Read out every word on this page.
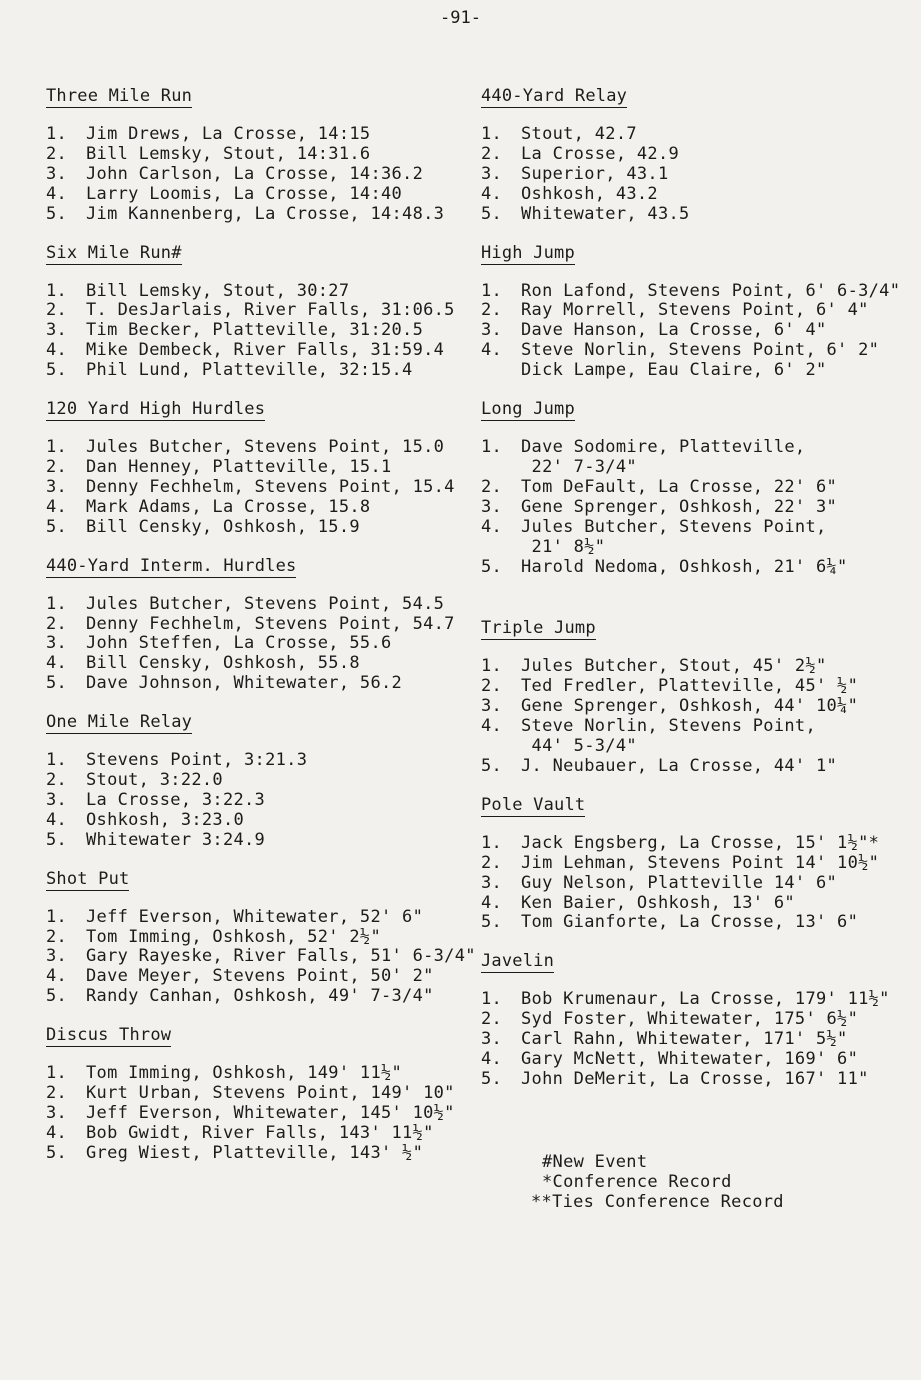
-91-
Three Mile Run
1. Jim Drews, La Crosse, 14:15
2. Bill Lemsky, Stout, 14:31.6
3. John Carlson, La Crosse, 14:36.2
4. Larry Loomis, La Crosse, 14:40
5. Jim Kannenberg, La Crosse, 14:48.3
Six Mile Run#
1. Bill Lemsky, Stout, 30:27
2. T. DesJarlais, River Falls, 31:06.5
3. Tim Becker, Platteville, 31:20.5
4. Mike Dembeck, River Falls, 31:59.4
5. Phil Lund, Platteville, 32:15.4
120 Yard High Hurdles
1. Jules Butcher, Stevens Point, 15.0
2. Dan Henney, Platteville, 15.1
3. Denny Fechhelm, Stevens Point, 15.4
4. Mark Adams, La Crosse, 15.8
5. Bill Censky, Oshkosh, 15.9
440-Yard Interm. Hurdles
1. Jules Butcher, Stevens Point, 54.5
2. Denny Fechhelm, Stevens Point, 54.7
3. John Steffen, La Crosse, 55.6
4. Bill Censky, Oshkosh, 55.8
5. Dave Johnson, Whitewater, 56.2
One Mile Relay
1. Stevens Point, 3:21.3
2. Stout, 3:22.0
3. La Crosse, 3:22.3
4. Oshkosh, 3:23.0
5. Whitewater 3:24.9
Shot Put
1. Jeff Everson, Whitewater, 52' 6"
2. Tom Imming, Oshkosh, 52' 2½"
3. Gary Rayeske, River Falls, 51' 6-3/4"
4. Dave Meyer, Stevens Point, 50' 2"
5. Randy Canhan, Oshkosh, 49' 7-3/4"
Discus Throw
1. Tom Imming, Oshkosh, 149' 11½"
2. Kurt Urban, Stevens Point, 149' 10"
3. Jeff Everson, Whitewater, 145' 10½"
4. Bob Gwidt, River Falls, 143' 11½"
5. Greg Wiest, Platteville, 143' ½"
440-Yard Relay
1. Stout, 42.7
2. La Crosse, 42.9
3. Superior, 43.1
4. Oshkosh, 43.2
5. Whitewater, 43.5
High Jump
1. Ron Lafond, Stevens Point, 6' 6-3/4"
2. Ray Morrell, Stevens Point, 6' 4"
3. Dave Hanson, La Crosse, 6' 4"
4. Steve Norlin, Stevens Point, 6' 2"
Dick Lampe, Eau Claire, 6' 2"
Long Jump
1. Dave Sodomire, Platteville,
22' 7-3/4"
2. Tom DeFault, La Crosse, 22' 6"
3. Gene Sprenger, Oshkosh, 22' 3"
4. Jules Butcher, Stevens Point,
21' 8½"
5. Harold Nedoma, Oshkosh, 21' 6¼"
Triple Jump
1. Jules Butcher, Stout, 45' 2½"
2. Ted Fredler, Platteville, 45' ½"
3. Gene Sprenger, Oshkosh, 44' 10¼"
4. Steve Norlin, Stevens Point,
44' 5-3/4"
5. J. Neubauer, La Crosse, 44' 1"
Pole Vault
1. Jack Engsberg, La Crosse, 15' 1½"*
2. Jim Lehman, Stevens Point 14' 10½"
3. Guy Nelson, Platteville 14' 6"
4. Ken Baier, Oshkosh, 13' 6"
5. Tom Gianforte, La Crosse, 13' 6"
Javelin
1. Bob Krumenaur, La Crosse, 179' 11½"
2. Syd Foster, Whitewater, 175' 6½"
3. Carl Rahn, Whitewater, 171' 5½"
4. Gary McNett, Whitewater, 169' 6"
5. John DeMerit, La Crosse, 167' 11"
#New Event
*Conference Record
**Ties Conference Record
